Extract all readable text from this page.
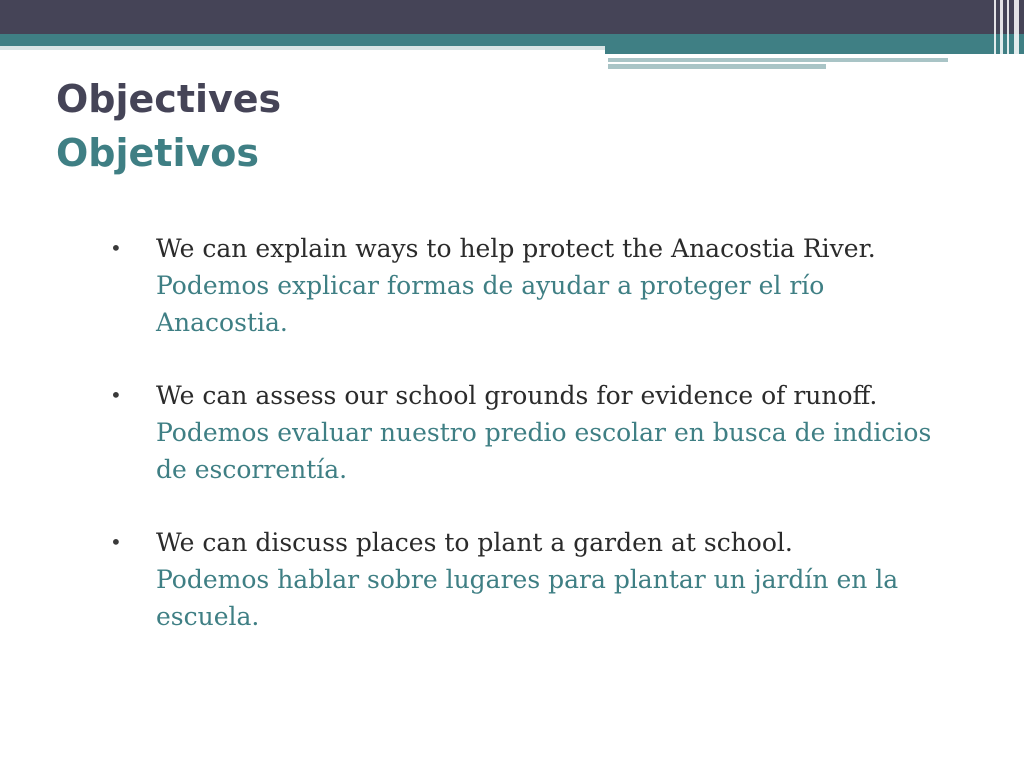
Objectives
Objetivos
• We can explain ways to help protect the Anacostia River.
Podemos explicar formas de ayudar a proteger el río Anacostia.
• We can assess our school grounds for evidence of runoff.
Podemos evaluar nuestro predio escolar en busca de indicios de escorrentía.
• We can discuss places to plant a garden at school.
Podemos hablar sobre lugares para plantar un jardín en la escuela.
